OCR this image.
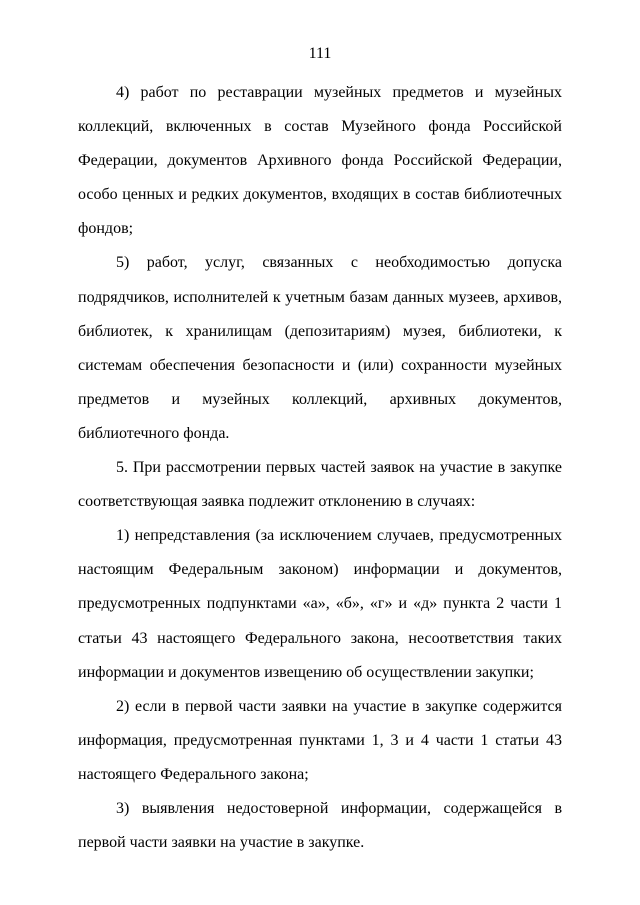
111

4) работ по реставрации музейных предметов и музейных коллекций, включенных в состав Музейного фонда Российской Федерации, документов Архивного фонда Российской Федерации, особо ценных и редких документов, входящих в состав библиотечных фондов;

5) работ, услуг, связанных с необходимостью допуска подрядчиков, исполнителей к учетным базам данных музеев, архивов, библиотек, к хранилищам (депозитариям) музея, библиотеки, к системам обеспечения безопасности и (или) сохранности музейных предметов и музейных коллекций, архивных документов, библиотечного фонда.

5. При рассмотрении первых частей заявок на участие в закупке соответствующая заявка подлежит отклонению в случаях:

1) непредставления (за исключением случаев, предусмотренных настоящим Федеральным законом) информации и документов, предусмотренных подпунктами «а», «б», «г» и «д» пункта 2 части 1 статьи 43 настоящего Федерального закона, несоответствия таких информации и документов извещению об осуществлении закупки;

2) если в первой части заявки на участие в закупке содержится информация, предусмотренная пунктами 1, 3 и 4 части 1 статьи 43 настоящего Федерального закона;

3) выявления недостоверной информации, содержащейся в первой части заявки на участие в закупке.
